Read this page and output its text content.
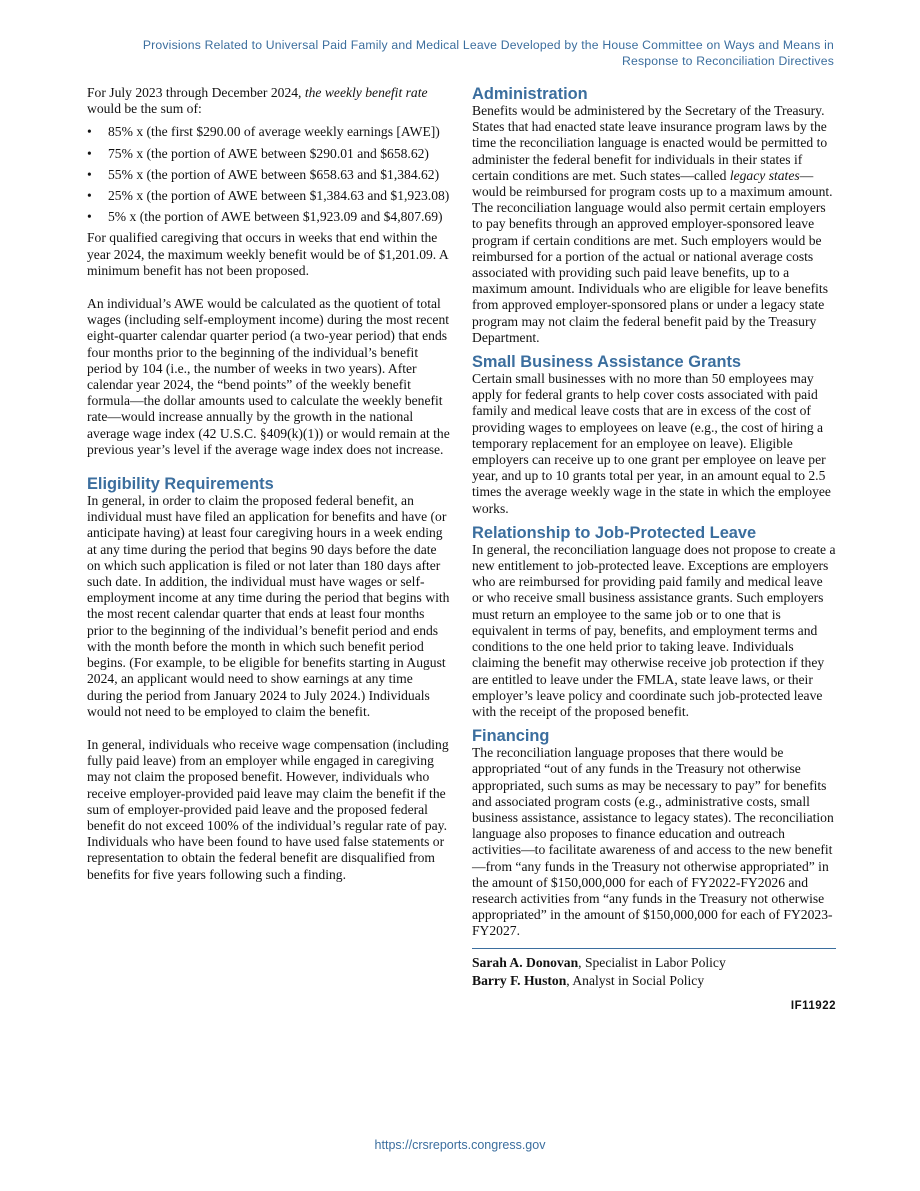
Provisions Related to Universal Paid Family and Medical Leave Developed by the House Committee on Ways and Means in
Response to Reconciliation Directives

For July 2023 through December 2024, the weekly benefit rate would be the sum of:

• 85% x (the first $290.00 of average weekly earnings [AWE])
• 75% x (the portion of AWE between $290.01 and $658.62)
• 55% x (the portion of AWE between $658.63 and $1,384.62)
• 25% x (the portion of AWE between $1,384.63 and $1,923.08)
• 5% x (the portion of AWE between $1,923.09 and $4,807.69)

For qualified caregiving that occurs in weeks that end within the year 2024, the maximum weekly benefit would be of $1,201.09. A minimum benefit has not been proposed.

An individual’s AWE would be calculated as the quotient of total wages (including self-employment income) during the most recent eight-quarter calendar quarter period (a two-year period) that ends four months prior to the beginning of the individual’s benefit period by 104 (i.e., the number of weeks in two years). After calendar year 2024, the “bend points” of the weekly benefit formula—the dollar amounts used to calculate the weekly benefit rate—would increase annually by the growth in the national average wage index (42 U.S.C. §409(k)(1)) or would remain at the previous year’s level if the average wage index does not increase.

Eligibility Requirements

In general, in order to claim the proposed federal benefit, an individual must have filed an application for benefits and have (or anticipate having) at least four caregiving hours in a week ending at any time during the period that begins 90 days before the date on which such application is filed or not later than 180 days after such date. In addition, the individual must have wages or self-employment income at any time during the period that begins with the most recent calendar quarter that ends at least four months prior to the beginning of the individual’s benefit period and ends with the month before the month in which such benefit period begins. (For example, to be eligible for benefits starting in August 2024, an applicant would need to show earnings at any time during the period from January 2024 to July 2024.) Individuals would not need to be employed to claim the benefit.

In general, individuals who receive wage compensation (including fully paid leave) from an employer while engaged in caregiving may not claim the proposed benefit. However, individuals who receive employer-provided paid leave may claim the benefit if the sum of employer-provided paid leave and the proposed federal benefit do not exceed 100% of the individual’s regular rate of pay. Individuals who have been found to have used false statements or representation to obtain the federal benefit are disqualified from benefits for five years following such a finding.

Administration

Benefits would be administered by the Secretary of the Treasury. States that had enacted state leave insurance program laws by the time the reconciliation language is enacted would be permitted to administer the federal benefit for individuals in their states if certain conditions are met. Such states—called legacy states—would be reimbursed for program costs up to a maximum amount. The reconciliation language would also permit certain employers to pay benefits through an approved employer-sponsored leave program if certain conditions are met. Such employers would be reimbursed for a portion of the actual or national average costs associated with providing such paid leave benefits, up to a maximum amount. Individuals who are eligible for leave benefits from approved employer-sponsored plans or under a legacy state program may not claim the federal benefit paid by the Treasury Department.

Small Business Assistance Grants

Certain small businesses with no more than 50 employees may apply for federal grants to help cover costs associated with paid family and medical leave costs that are in excess of the cost of providing wages to employees on leave (e.g., the cost of hiring a temporary replacement for an employee on leave). Eligible employers can receive up to one grant per employee on leave per year, and up to 10 grants total per year, in an amount equal to 2.5 times the average weekly wage in the state in which the employee works.

Relationship to Job-Protected Leave

In general, the reconciliation language does not propose to create a new entitlement to job-protected leave. Exceptions are employers who are reimbursed for providing paid family and medical leave or who receive small business assistance grants. Such employers must return an employee to the same job or to one that is equivalent in terms of pay, benefits, and employment terms and conditions to the one held prior to taking leave. Individuals claiming the benefit may otherwise receive job protection if they are entitled to leave under the FMLA, state leave laws, or their employer’s leave policy and coordinate such job-protected leave with the receipt of the proposed benefit.

Financing

The reconciliation language proposes that there would be appropriated “out of any funds in the Treasury not otherwise appropriated, such sums as may be necessary to pay” for benefits and associated program costs (e.g., administrative costs, small business assistance, assistance to legacy states). The reconciliation language also proposes to finance education and outreach activities—to facilitate awareness of and access to the new benefit—from “any funds in the Treasury not otherwise appropriated” in the amount of $150,000,000 for each of FY2022-FY2026 and research activities from “any funds in the Treasury not otherwise appropriated” in the amount of $150,000,000 for each of FY2023-FY2027.

Sarah A. Donovan, Specialist in Labor Policy
Barry F. Huston, Analyst in Social Policy
IF11922
https://crsreports.congress.gov
